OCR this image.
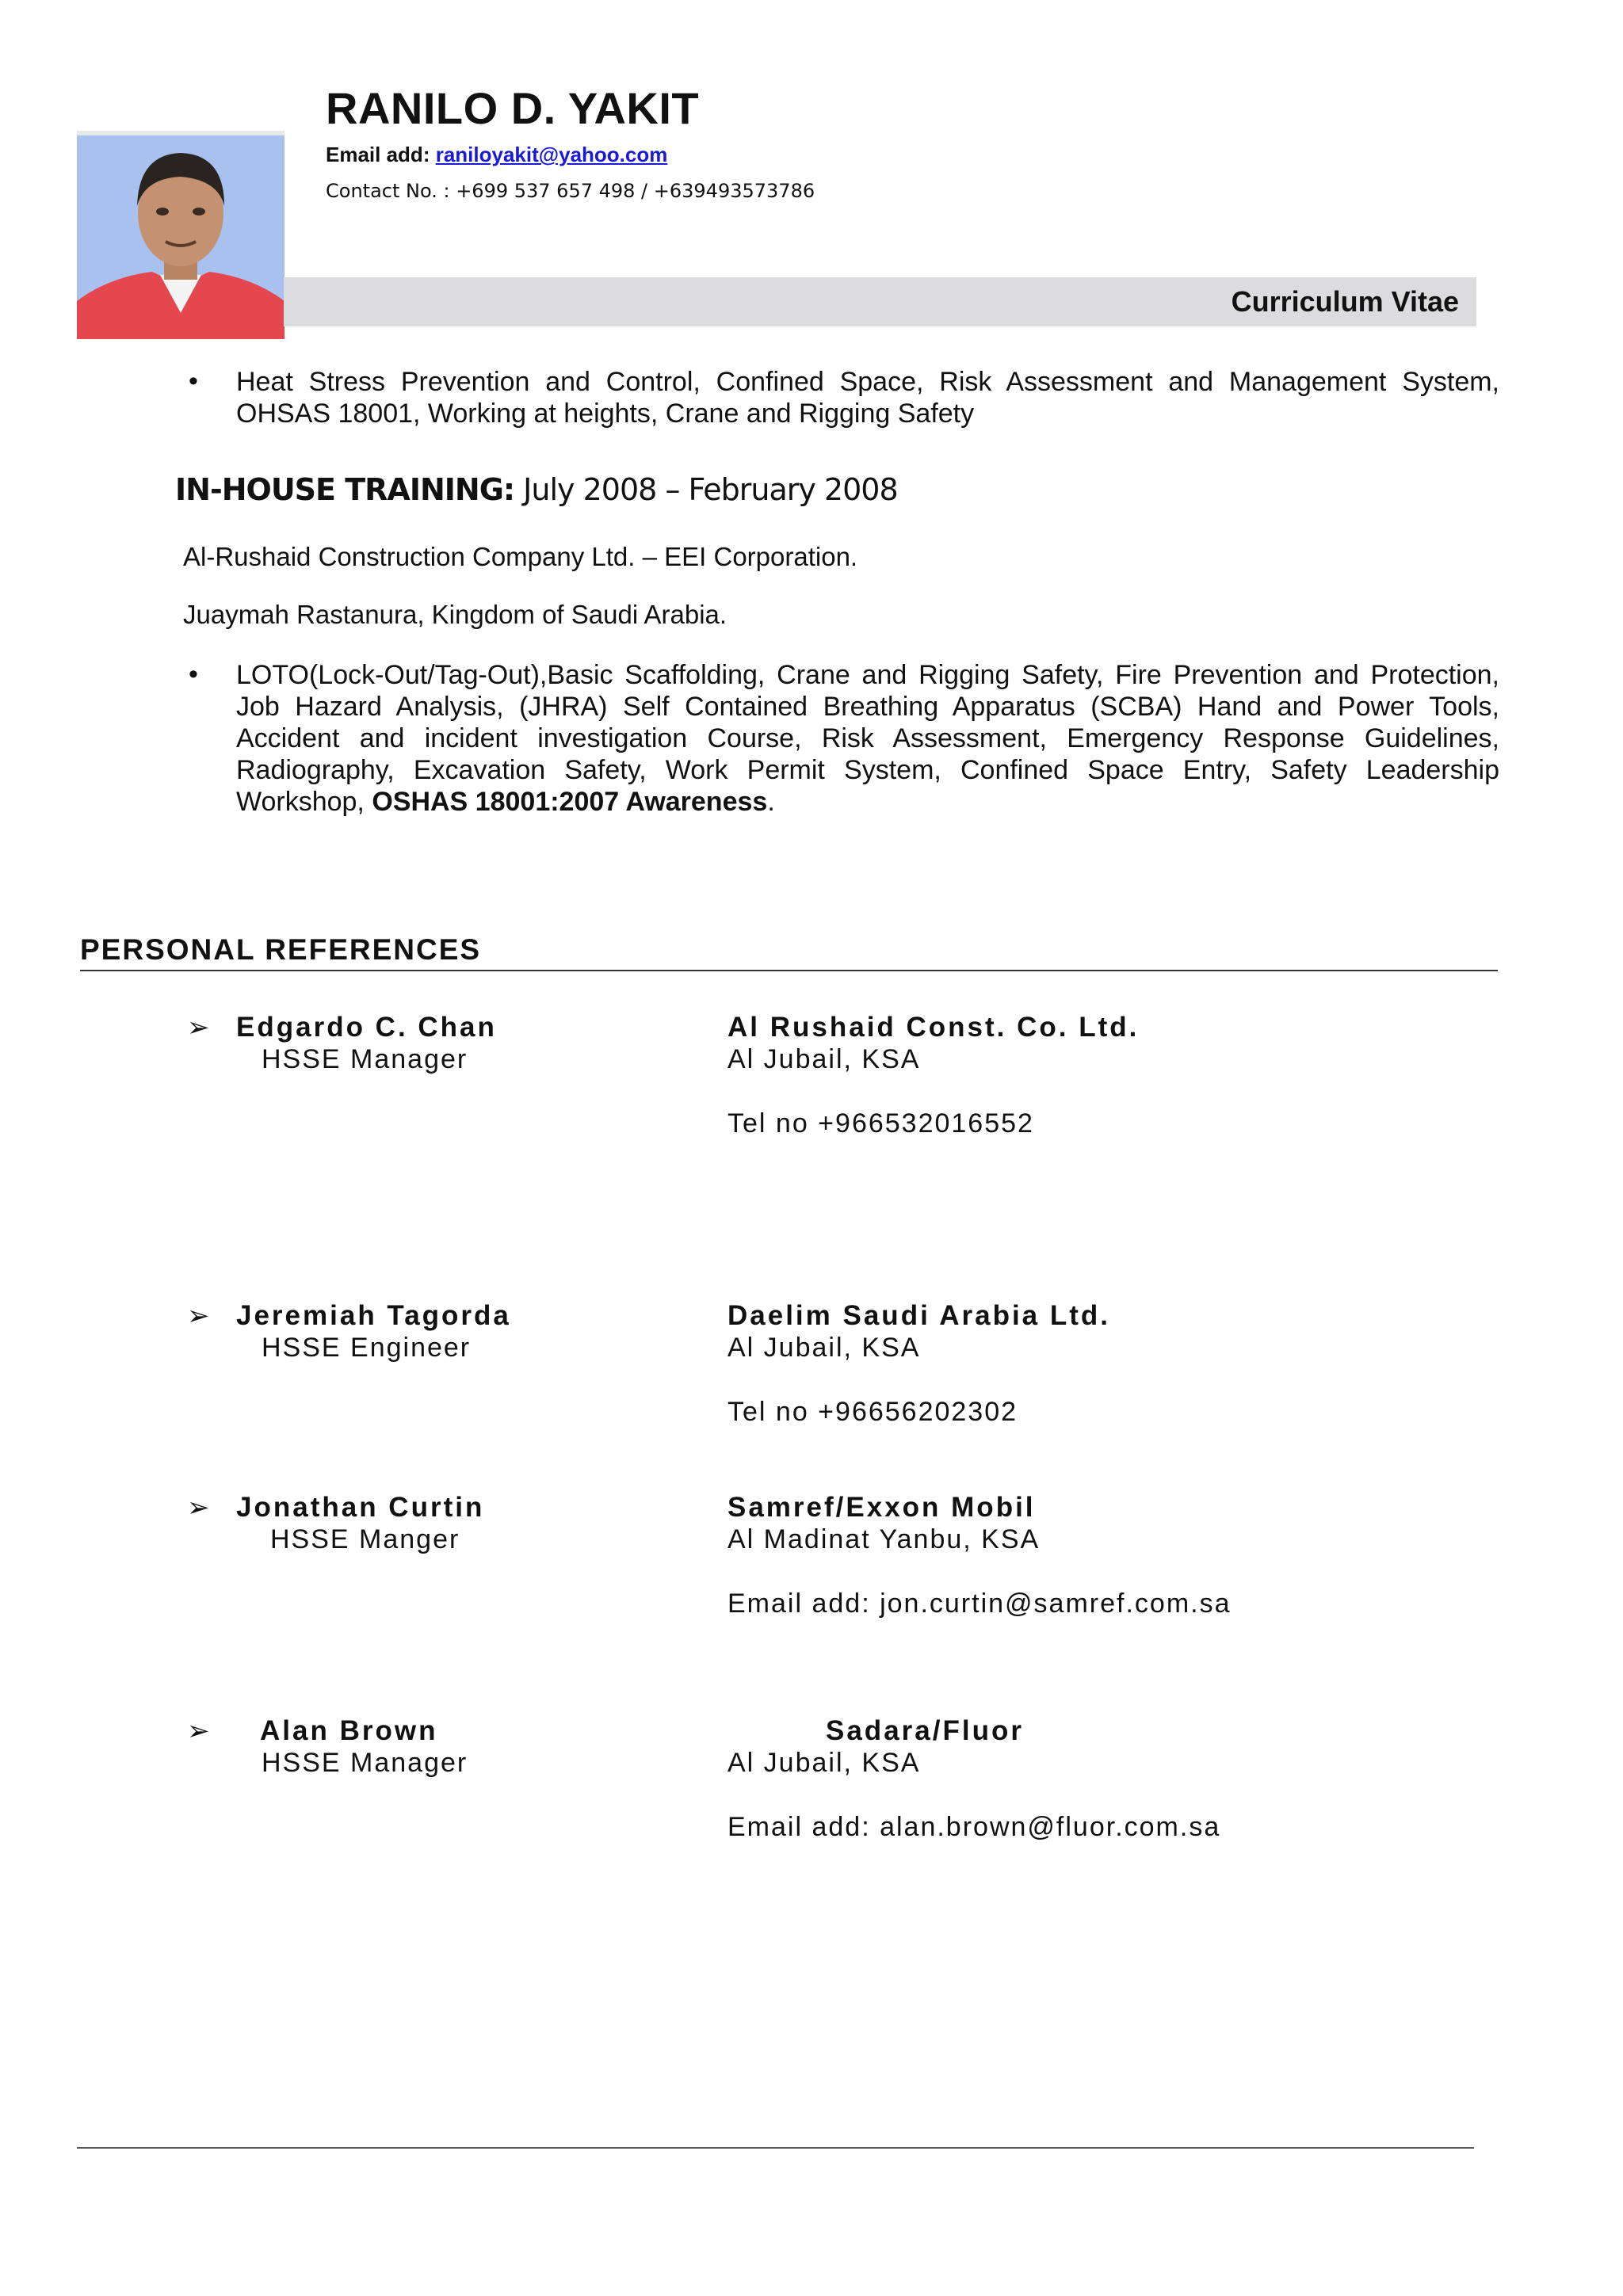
RANILO D. YAKIT
Email add: raniloyakit@yahoo.com
Contact No. : +699 537 657 498 / +639493573786
Curriculum Vitae
• Heat Stress Prevention and Control, Confined Space, Risk Assessment and Management System, OHSAS 18001, Working at heights, Crane and Rigging Safety
IN-HOUSE TRAINING: July 2008 – February 2008
Al-Rushaid Construction Company Ltd. – EEI Corporation.
Juaymah Rastanura, Kingdom of Saudi Arabia.
• LOTO(Lock-Out/Tag-Out),Basic Scaffolding, Crane and Rigging Safety, Fire Prevention and Protection, Job Hazard Analysis, (JHRA) Self Contained Breathing Apparatus (SCBA) Hand and Power Tools, Accident and incident investigation Course, Risk Assessment, Emergency Response Guidelines, Radiography, Excavation Safety, Work Permit System, Confined Space Entry, Safety Leadership Workshop, OSHAS 18001:2007 Awareness.
PERSONAL REFERENCES
➢ Edgardo C. Chan
HSSE Manager
Al Rushaid Const. Co. Ltd.
Al Jubail, KSA
Tel no +966532016552
➢ Jeremiah Tagorda
HSSE Engineer
Daelim Saudi Arabia Ltd.
Al Jubail, KSA
Tel no +96656202302
➢ Jonathan Curtin
HSSE Manger
Samref/Exxon Mobil
Al Madinat Yanbu, KSA
Email add: jon.curtin@samref.com.sa
➢ Alan Brown
HSSE Manager
Sadara/Fluor
Al Jubail, KSA
Email add: alan.brown@fluor.com.sa
